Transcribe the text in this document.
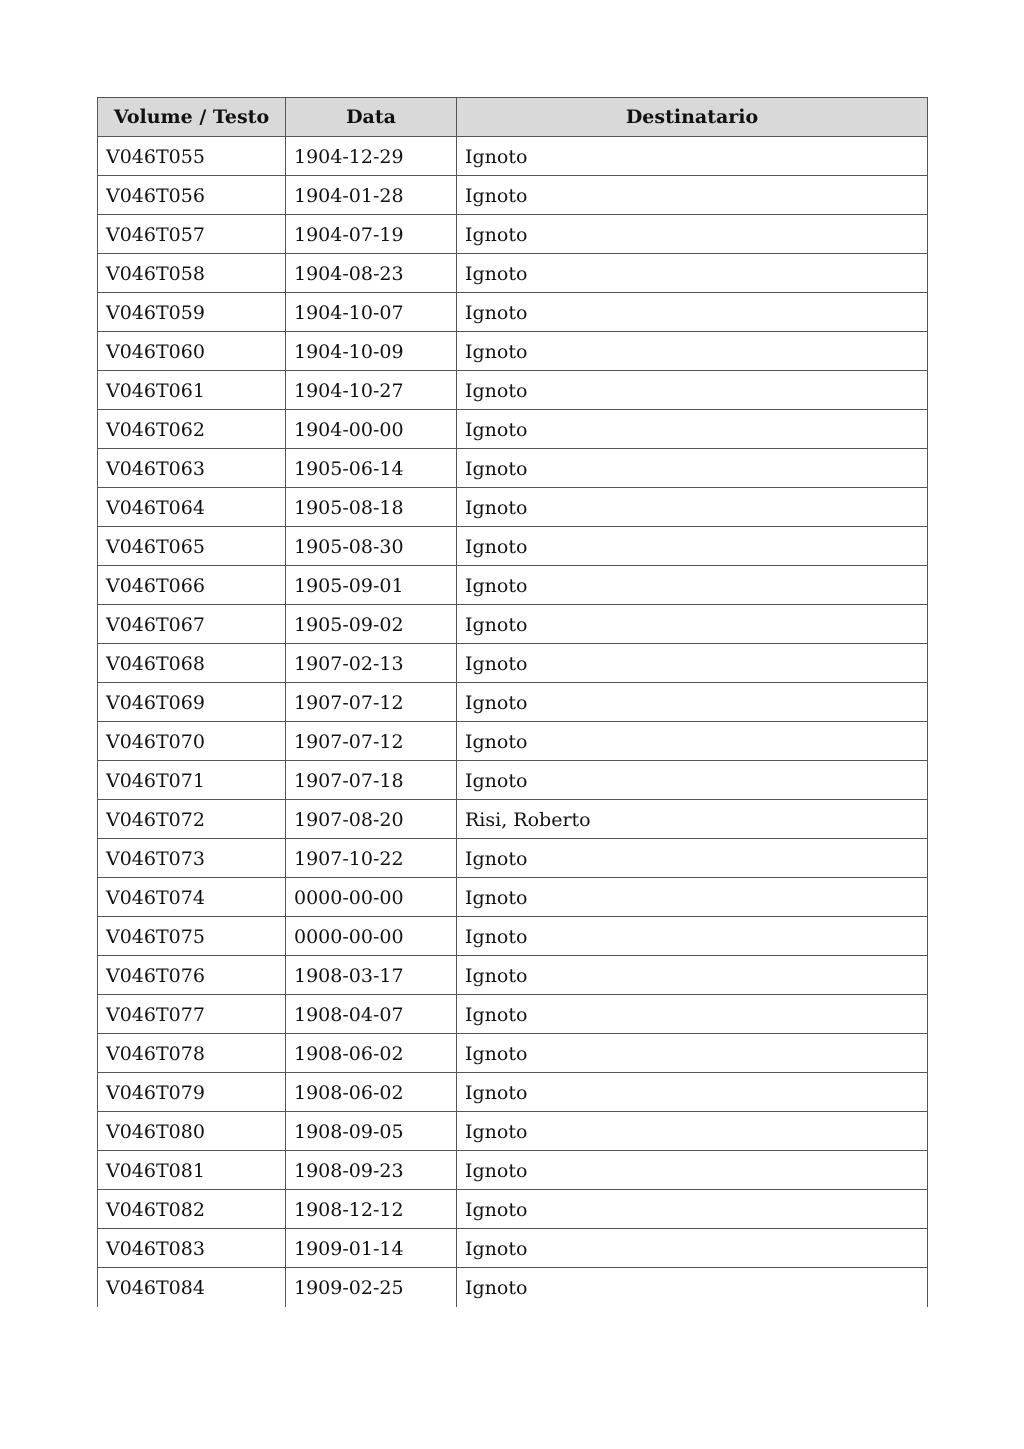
Volume / Testo	Data	Destinatario
V046T055	1904-12-29	Ignoto
V046T056	1904-01-28	Ignoto
V046T057	1904-07-19	Ignoto
V046T058	1904-08-23	Ignoto
V046T059	1904-10-07	Ignoto
V046T060	1904-10-09	Ignoto
V046T061	1904-10-27	Ignoto
V046T062	1904-00-00	Ignoto
V046T063	1905-06-14	Ignoto
V046T064	1905-08-18	Ignoto
V046T065	1905-08-30	Ignoto
V046T066	1905-09-01	Ignoto
V046T067	1905-09-02	Ignoto
V046T068	1907-02-13	Ignoto
V046T069	1907-07-12	Ignoto
V046T070	1907-07-12	Ignoto
V046T071	1907-07-18	Ignoto
V046T072	1907-08-20	Risi, Roberto
V046T073	1907-10-22	Ignoto
V046T074	0000-00-00	Ignoto
V046T075	0000-00-00	Ignoto
V046T076	1908-03-17	Ignoto
V046T077	1908-04-07	Ignoto
V046T078	1908-06-02	Ignoto
V046T079	1908-06-02	Ignoto
V046T080	1908-09-05	Ignoto
V046T081	1908-09-23	Ignoto
V046T082	1908-12-12	Ignoto
V046T083	1909-01-14	Ignoto
V046T084	1909-02-25	Ignoto
